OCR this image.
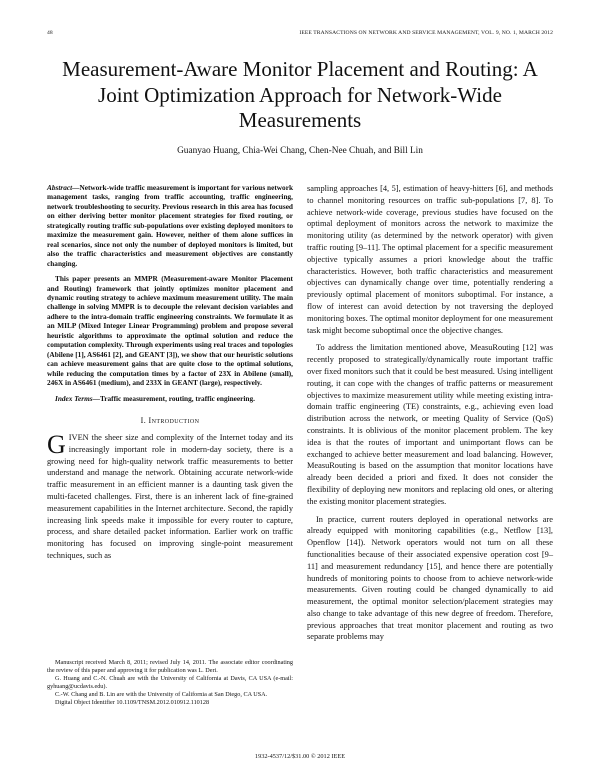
48	IEEE TRANSACTIONS ON NETWORK AND SERVICE MANAGEMENT, VOL. 9, NO. 1, MARCH 2012
Measurement-Aware Monitor Placement and Routing: A Joint Optimization Approach for Network-Wide Measurements
Guanyao Huang, Chia-Wei Chang, Chen-Nee Chuah, and Bill Lin

Abstract—Network-wide traffic measurement is important for various network management tasks, ranging from traffic accounting, traffic engineering, network troubleshooting to security. Previous research in this area has focused on either deriving better monitor placement strategies for fixed routing, or strategically routing traffic sub-populations over existing deployed monitors to maximize the measurement gain. However, neither of them alone suffices in real scenarios, since not only the number of deployed monitors is limited, but also the traffic characteristics and measurement objectives are constantly changing.

This paper presents an MMPR (Measurement-aware Monitor Placement and Routing) framework that jointly optimizes monitor placement and dynamic routing strategy to achieve maximum measurement utility. The main challenge in solving MMPR is to decouple the relevant decision variables and adhere to the intra-domain traffic engineering constraints. We formulate it as an MILP (Mixed Integer Linear Programming) problem and propose several heuristic algorithms to approximate the optimal solution and reduce the computation complexity. Through experiments using real traces and topologies (Abilene [1], AS6461 [2], and GEANT [3]), we show that our heuristic solutions can achieve measurement gains that are quite close to the optimal solutions, while reducing the computation times by a factor of 23X in Abilene (small), 246X in AS6461 (medium), and 233X in GEANT (large), respectively.

Index Terms—Traffic measurement, routing, traffic engineering.

I. Introduction

GIVEN the sheer size and complexity of the Internet today and its increasingly important role in modern-day society, there is a growing need for high-quality network traffic measurements to better understand and manage the network. Obtaining accurate network-wide traffic measurement in an efficient manner is a daunting task given the multi-faceted challenges. First, there is an inherent lack of fine-grained measurement capabilities in the Internet architecture. Second, the rapidly increasing link speeds make it impossible for every router to capture, process, and share detailed packet information. Earlier work on traffic monitoring has focused on improving single-point measurement techniques, such as

Manuscript received March 8, 2011; revised July 14, 2011. The associate editor coordinating the review of this paper and approving it for publication was L. Deri.

G. Huang and C.-N. Chuah are with the University of California at Davis, CA USA (e-mail: gyhuang@ucdavis.edu).

C.-W. Chang and B. Lin are with the University of California at San Diego, CA USA.

Digital Object Identifier 10.1109/TNSM.2012.010912.110128

sampling approaches [4, 5], estimation of heavy-hitters [6], and methods to channel monitoring resources on traffic sub-populations [7, 8]. To achieve network-wide coverage, previous studies have focused on the optimal deployment of monitors across the network to maximize the monitoring utility (as determined by the network operator) with given traffic routing [9–11]. The optimal placement for a specific measurement objective typically assumes a priori knowledge about the traffic characteristics. However, both traffic characteristics and measurement objectives can dynamically change over time, potentially rendering a previously optimal placement of monitors suboptimal. For instance, a flow of interest can avoid detection by not traversing the deployed monitoring boxes. The optimal monitor deployment for one measurement task might become suboptimal once the objective changes.

To address the limitation mentioned above, MeasuRouting [12] was recently proposed to strategically/dynamically route important traffic over fixed monitors such that it could be best measured. Using intelligent routing, it can cope with the changes of traffic patterns or measurement objectives to maximize measurement utility while meeting existing intra-domain traffic engineering (TE) constraints, e.g., achieving even load distribution across the network, or meeting Quality of Service (QoS) constraints. It is oblivious of the monitor placement problem. The key idea is that the routes of important and unimportant flows can be exchanged to achieve better measurement and load balancing. However, MeasuRouting is based on the assumption that monitor locations have already been decided a priori and fixed. It does not consider the flexibility of deploying new monitors and replacing old ones, or altering the existing monitor placement strategies.

In practice, current routers deployed in operational networks are already equipped with monitoring capabilities (e.g., Netflow [13], Openflow [14]). Network operators would not turn on all these functionalities because of their associated expensive operation cost [9–11] and measurement redundancy [15], and hence there are potentially hundreds of monitoring points to choose from to achieve network-wide measurements. Given routing could be changed dynamically to aid measurement, the optimal monitor selection/placement strategies may also change to take advantage of this new degree of freedom. Therefore, previous approaches that treat monitor placement and routing as two separate problems may

1932-4537/12/$31.00 © 2012 IEEE
